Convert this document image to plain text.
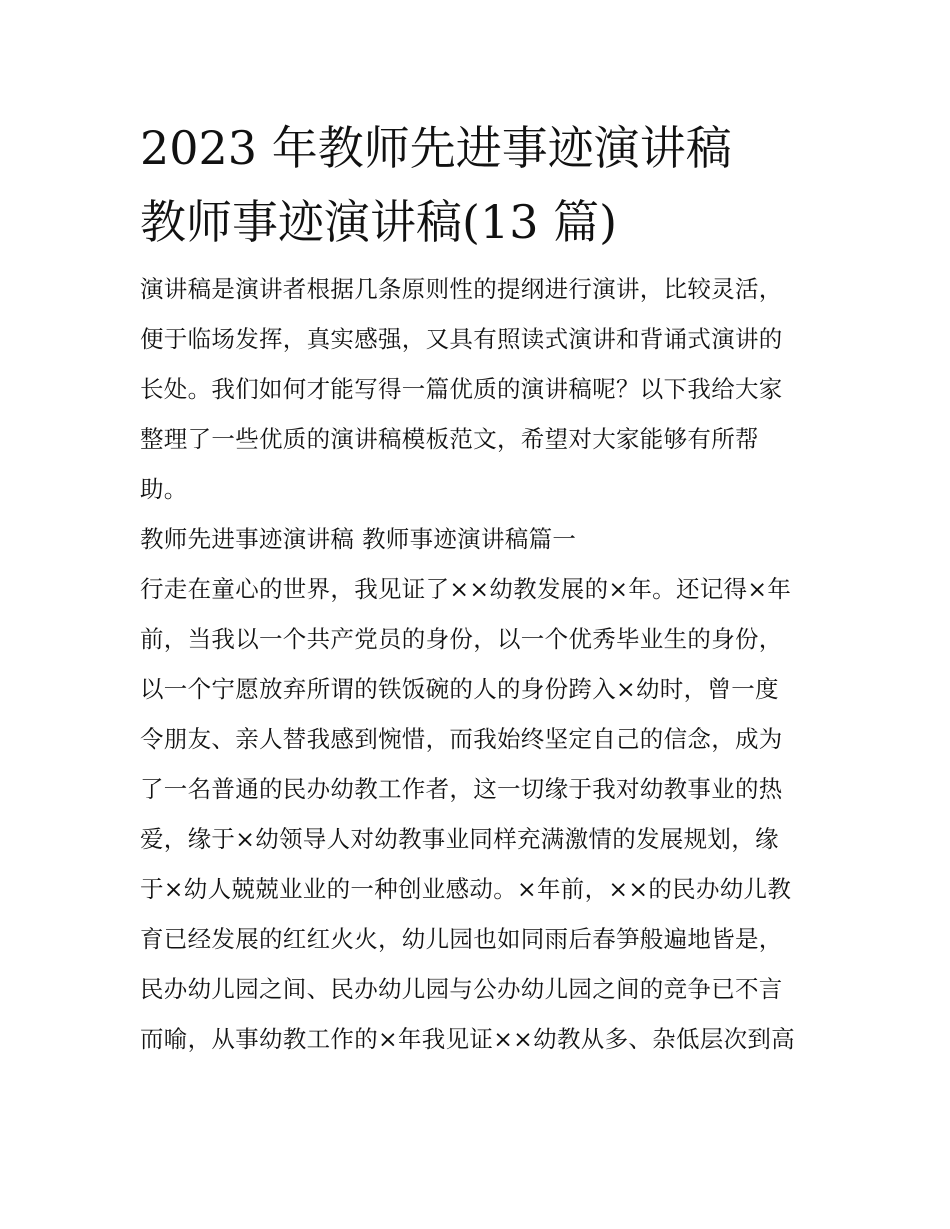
2023 年教师先进事迹演讲稿
教师事迹演讲稿(13 篇)

演讲稿是演讲者根据几条原则性的提纲进行演讲，比较灵活，

便于临场发挥，真实感强，又具有照读式演讲和背诵式演讲的

长处。我们如何才能写得一篇优质的演讲稿呢？以下我给大家

整理了一些优质的演讲稿模板范文，希望对大家能够有所帮

助。

教师先进事迹演讲稿 教师事迹演讲稿篇一

行走在童心的世界，我见证了××幼教发展的×年。还记得×年

前，当我以一个共产党员的身份，以一个优秀毕业生的身份，

以一个宁愿放弃所谓的铁饭碗的人的身份跨入×幼时，曾一度

令朋友、亲人替我感到惋惜，而我始终坚定自己的信念，成为

了一名普通的民办幼教工作者，这一切缘于我对幼教事业的热

爱，缘于×幼领导人对幼教事业同样充满激情的发展规划，缘

于×幼人兢兢业业的一种创业感动。×年前，××的民办幼儿教

育已经发展的红红火火，幼儿园也如同雨后春笋般遍地皆是，

民办幼儿园之间、民办幼儿园与公办幼儿园之间的竞争已不言

而喻，从事幼教工作的×年我见证××幼教从多、杂低层次到高
